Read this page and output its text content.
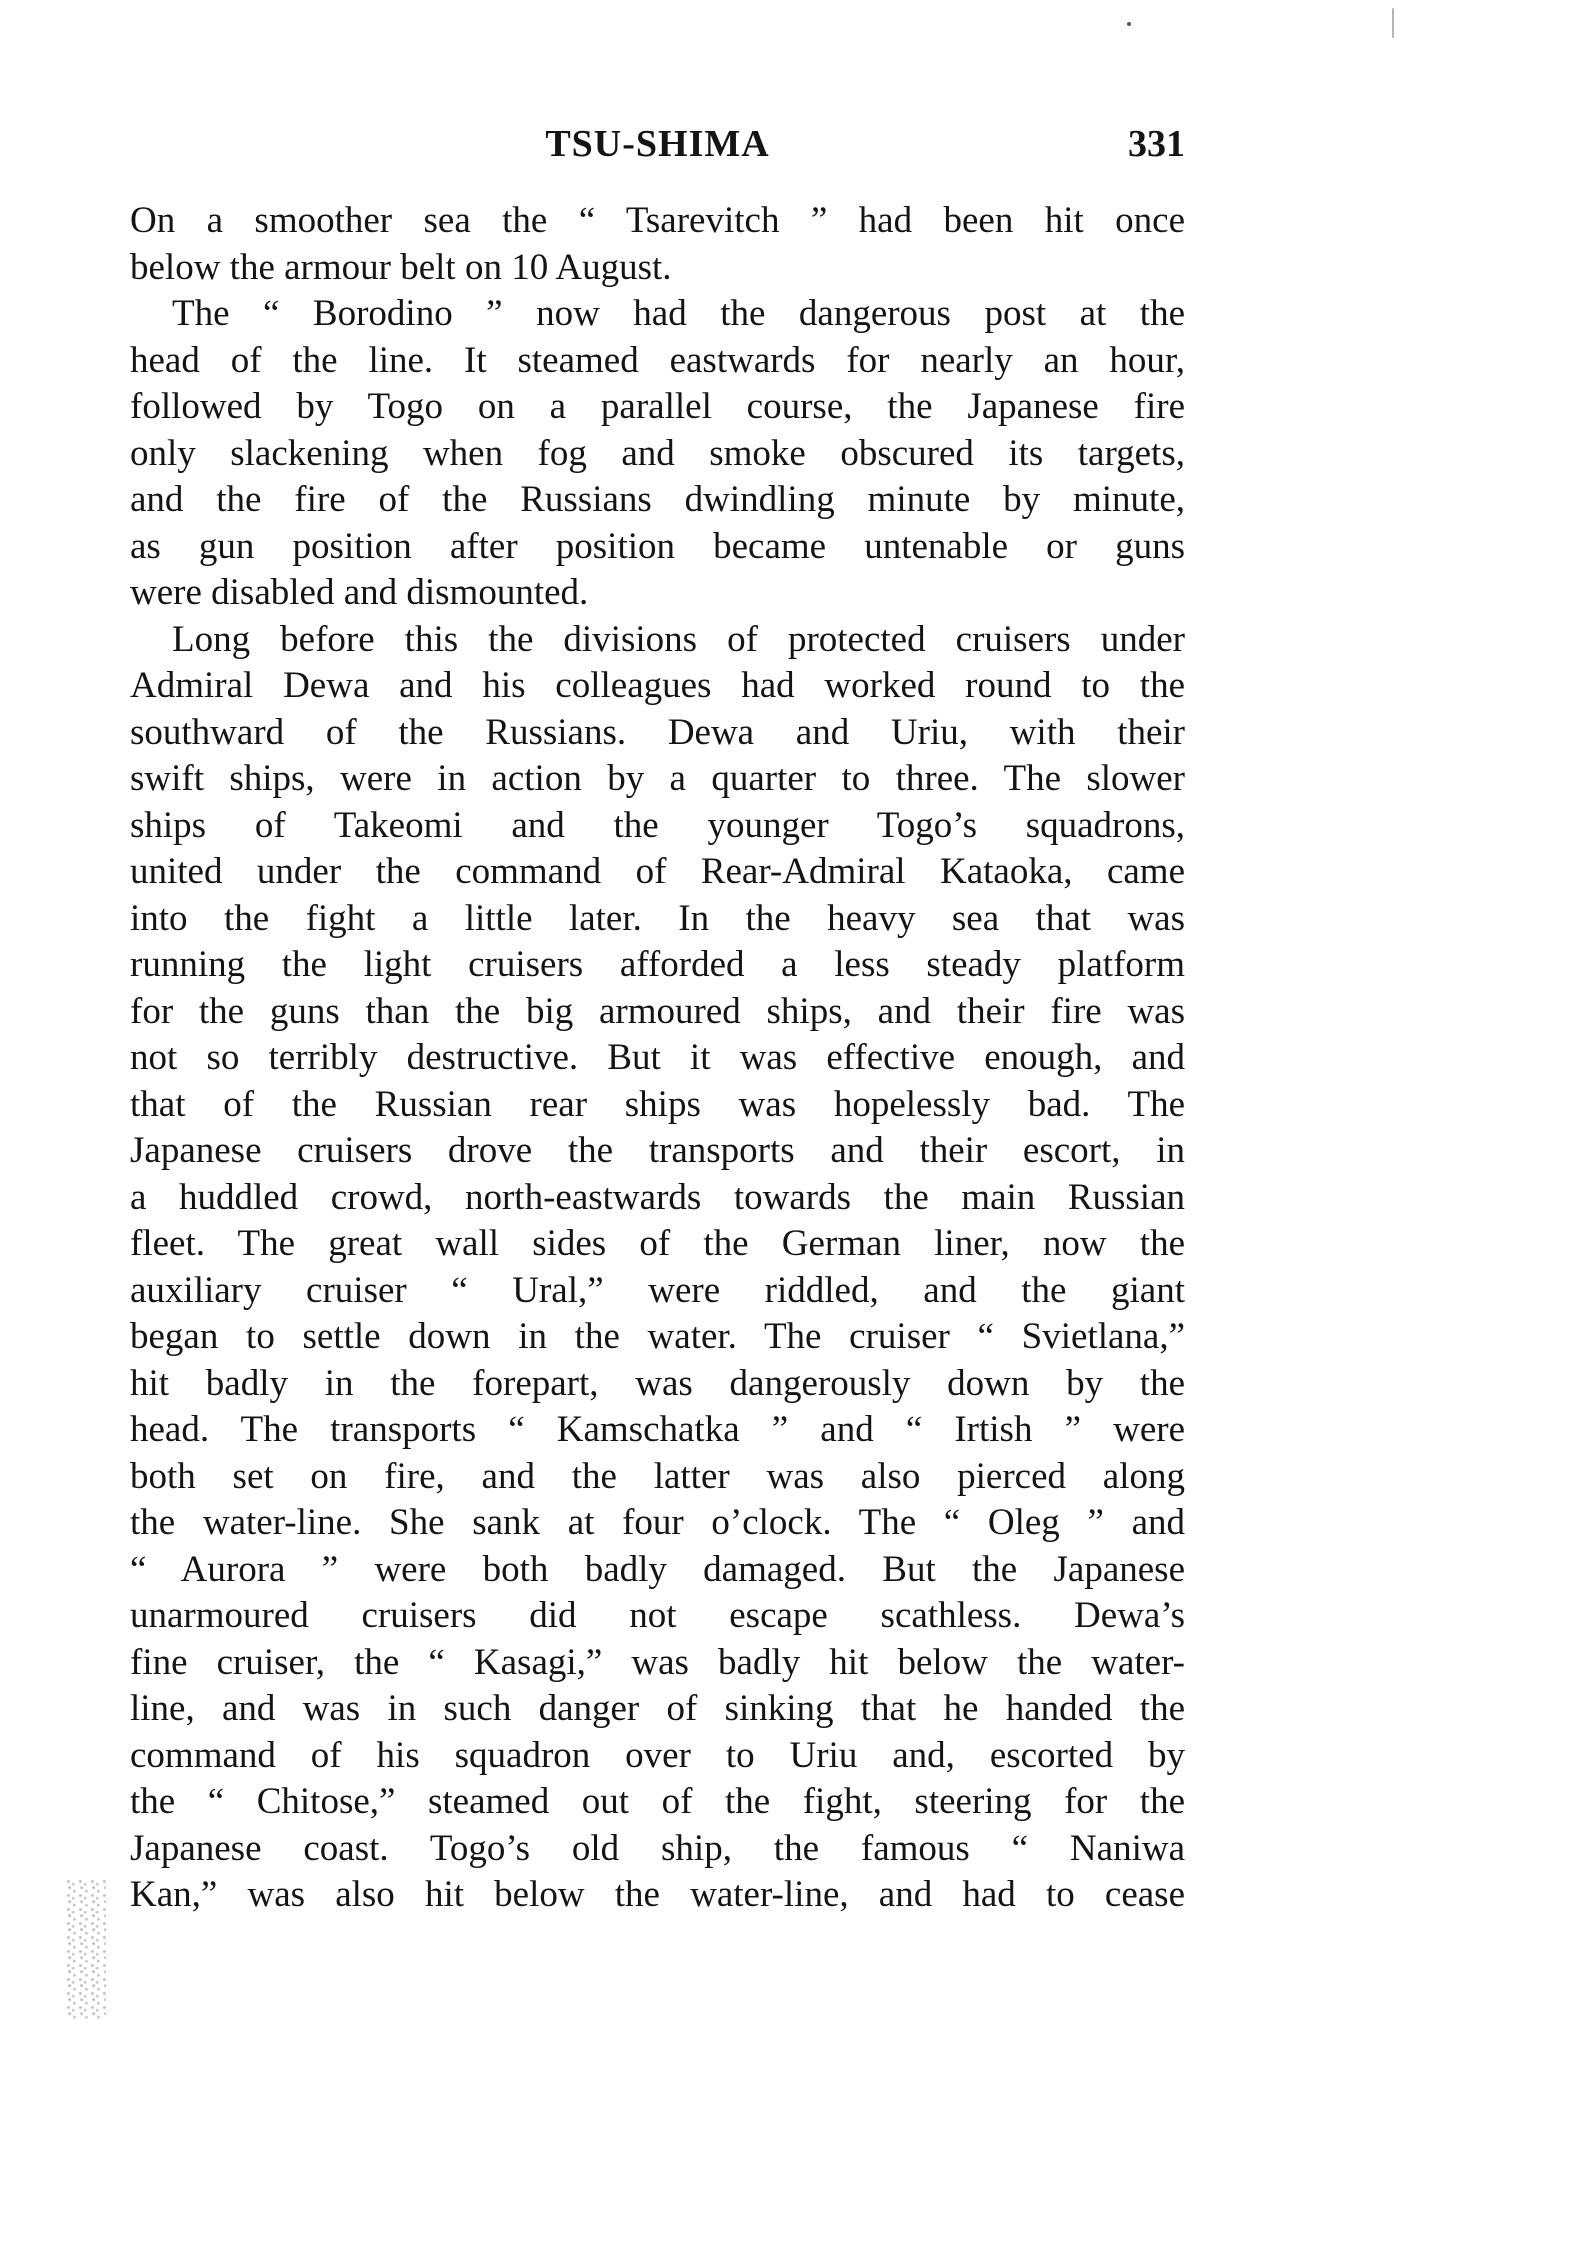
TSU-SHIMA	331
On a smoother sea the “ Tsarevitch ” had been hit once
below the armour belt on 10 August.
The “ Borodino ” now had the dangerous post at the
head of the line. It steamed eastwards for nearly an hour,
followed by Togo on a parallel course, the Japanese fire
only slackening when fog and smoke obscured its targets,
and the fire of the Russians dwindling minute by minute,
as gun position after position became untenable or guns
were disabled and dismounted.
Long before this the divisions of protected cruisers under
Admiral Dewa and his colleagues had worked round to the
southward of the Russians. Dewa and Uriu, with their
swift ships, were in action by a quarter to three. The slower
ships of Takeomi and the younger Togo’s squadrons,
united under the command of Rear-Admiral Kataoka, came
into the fight a little later. In the heavy sea that was
running the light cruisers afforded a less steady platform
for the guns than the big armoured ships, and their fire was
not so terribly destructive. But it was effective enough, and
that of the Russian rear ships was hopelessly bad. The
Japanese cruisers drove the transports and their escort, in
a huddled crowd, north-eastwards towards the main Russian
fleet. The great wall sides of the German liner, now the
auxiliary cruiser “ Ural,” were riddled, and the giant
began to settle down in the water. The cruiser “ Svietlana,”
hit badly in the forepart, was dangerously down by the
head. The transports “ Kamschatka ” and “ Irtish ” were
both set on fire, and the latter was also pierced along
the water-line. She sank at four o’clock. The “ Oleg ” and
“ Aurora ” were both badly damaged. But the Japanese
unarmoured cruisers did not escape scathless. Dewa’s
fine cruiser, the “ Kasagi,” was badly hit below the water-
line, and was in such danger of sinking that he handed the
command of his squadron over to Uriu and, escorted by
the “ Chitose,” steamed out of the fight, steering for the
Japanese coast. Togo’s old ship, the famous “ Naniwa
Kan,” was also hit below the water-line, and had to cease
